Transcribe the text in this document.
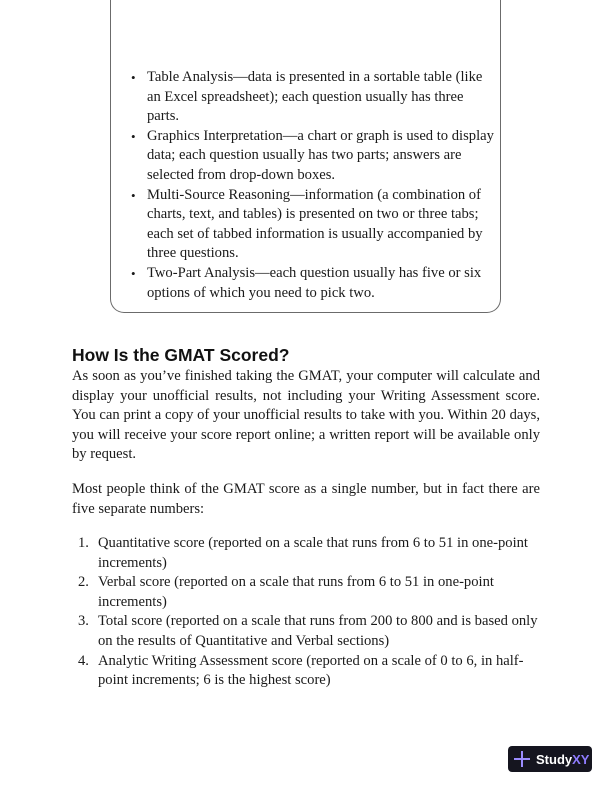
• Table Analysis—data is presented in a sortable table (like an Excel spreadsheet); each question usually has three parts.
• Graphics Interpretation—a chart or graph is used to display data; each question usually has two parts; answers are selected from drop-down boxes.
• Multi-Source Reasoning—information (a combination of charts, text, and tables) is presented on two or three tabs; each set of tabbed information is usually accompanied by three questions.
• Two-Part Analysis—each question usually has five or six options of which you need to pick two.
How Is the GMAT Scored?

As soon as you’ve finished taking the GMAT, your computer will calculate and display your unofficial results, not including your Writing Assessment score. You can print a copy of your unofficial results to take with you. Within 20 days, you will receive your score report online; a written report will be available only by request.

Most people think of the GMAT score as a single number, but in fact there are five separate numbers:

1. Quantitative score (reported on a scale that runs from 6 to 51 in one-point increments)
2. Verbal score (reported on a scale that runs from 6 to 51 in one-point increments)
3. Total score (reported on a scale that runs from 200 to 800 and is based only on the results of Quantitative and Verbal sections)
4. Analytic Writing Assessment score (reported on a scale of 0 to 6, in half-point increments; 6 is the highest score)
StudyXY
